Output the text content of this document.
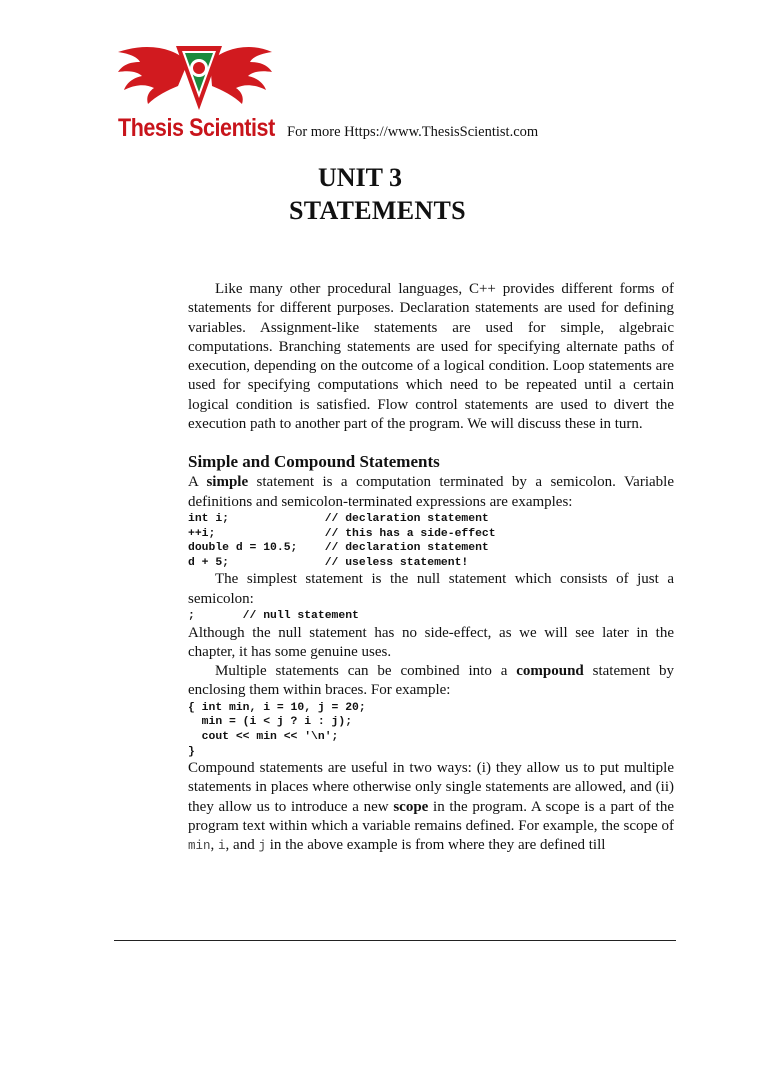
Thesis Scientist For more Https://www.ThesisScientist.com
UNIT 3
STATEMENTS

Like many other procedural languages, C++ provides different forms of statements for different purposes. Declaration statements are used for defining variables. Assignment-like statements are used for simple, algebraic computations. Branching statements are used for specifying alternate paths of execution, depending on the outcome of a logical condition. Loop statements are used for specifying computations which need to be repeated until a certain logical condition is satisfied. Flow control statements are used to divert the execution path to another part of the program. We will discuss these in turn.

Simple and Compound Statements

A simple statement is a computation terminated by a semicolon. Variable definitions and semicolon-terminated expressions are examples:

int i;              // declaration statement
++i;                // this has a side-effect
double d = 10.5;    // declaration statement
d + 5;              // useless statement!

The simplest statement is the null statement which consists of just a semicolon:

;       // null statement

Although the null statement has no side-effect, as we will see later in the chapter, it has some genuine uses.

Multiple statements can be combined into a compound statement by enclosing them within braces. For example:

{ int min, i = 10, j = 20;
min = (i < j ? i : j);
cout << min << '\n';
}

Compound statements are useful in two ways: (i) they allow us to put multiple statements in places where otherwise only single statements are allowed, and (ii) they allow us to introduce a new scope in the program. A scope is a part of the program text within which a variable remains defined. For example, the scope of min, i, and j in the above example is from where they are defined till
